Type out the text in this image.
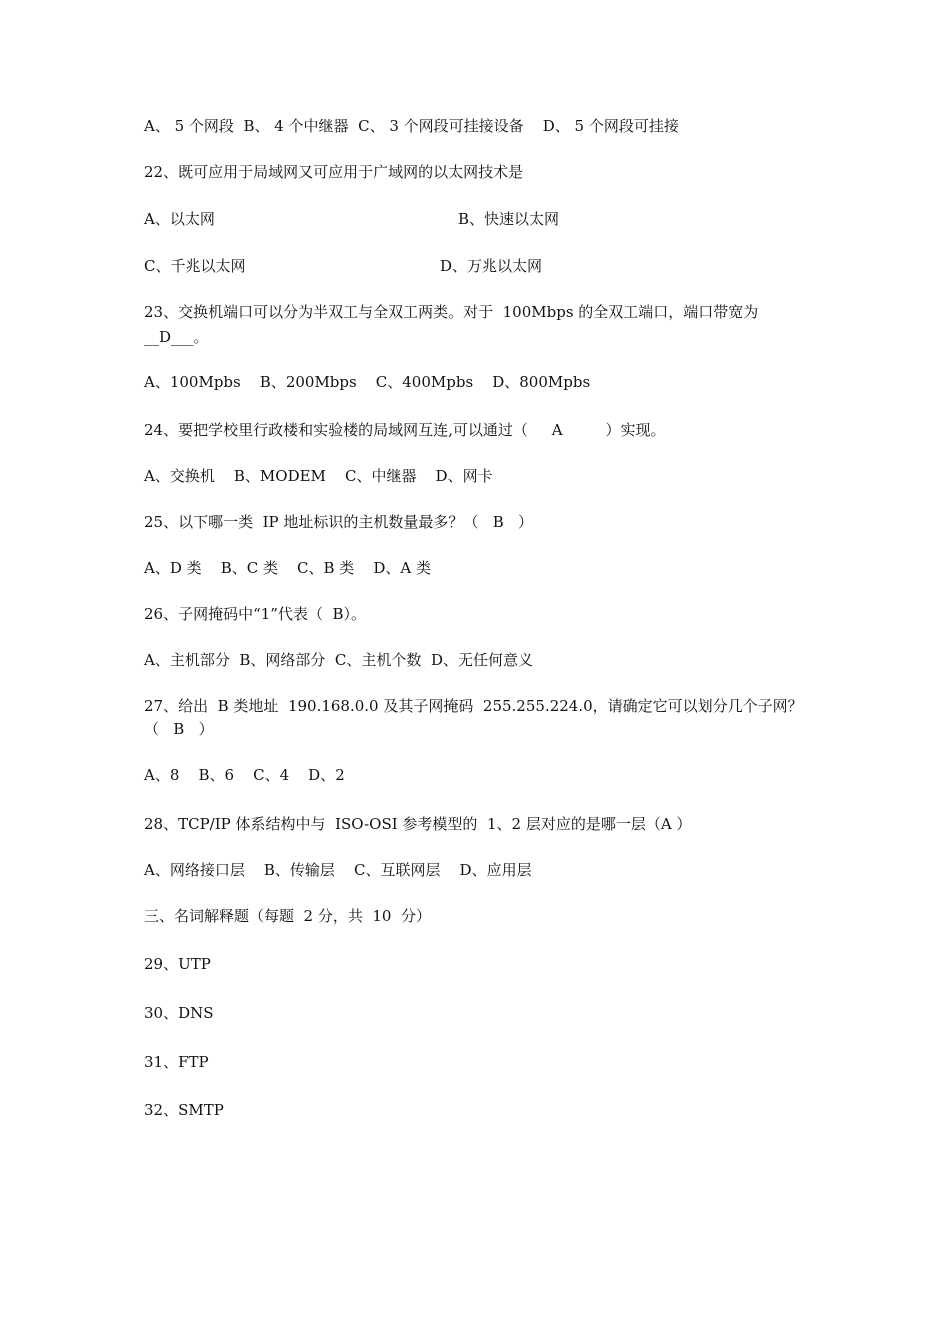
A、 5 个网段  B、 4 个中继器  C、 3 个网段可挂接设备    D、 5 个网段可挂接
22、既可应用于局域网又可应用于广域网的以太网技术是
A、以太网	B、快速以太网
C、千兆以太网	D、万兆以太网
23、交换机端口可以分为半双工与全双工两类。对于  100Mbps 的全双工端口，端口带宽为
__D___。
A、100Mpbs    B、200Mbps    C、400Mpbs    D、800Mpbs
24、要把学校里行政楼和实验楼的局域网互连,可以通过（     A         ）实现。
A、交换机    B、MODEM    C、中继器    D、网卡
25、以下哪一类  IP 地址标识的主机数量最多？（   B   ）
A、D 类    B、C 类    C、B 类    D、A 类
26、子网掩码中“1”代表（  B）。
A、主机部分  B、网络部分  C、主机个数  D、无任何意义
27、给出  B 类地址  190.168.0.0 及其子网掩码  255.255.224.0，请确定它可以划分几个子网？
（   B   ）
A、8    B、6    C、4    D、2
28、TCP/IP 体系结构中与  ISO-OSI 参考模型的  1、2 层对应的是哪一层（A ）
A、网络接口层    B、传输层    C、互联网层    D、应用层
三、名词解释题（每题  2 分，共  10  分）
29、UTP
30、DNS
31、FTP
32、SMTP
